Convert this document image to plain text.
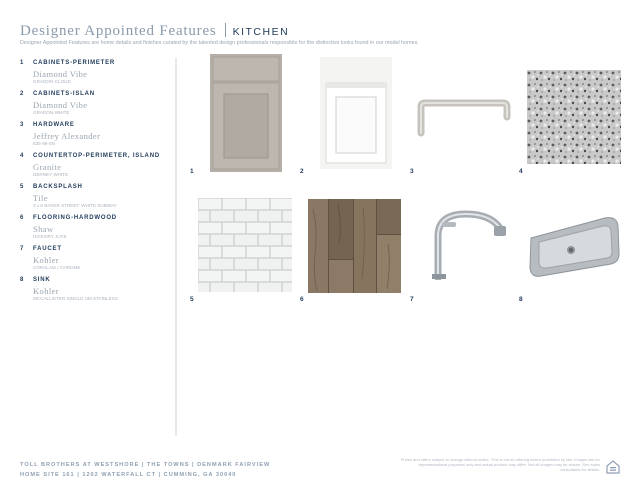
Designer Appointed Features KITCHEN
Designer Appointed Features are home details and finishes curated by the talented design professionals responsible for the distinctive looks found in our model homes.
1 CABINETS-PERIMETER
Diamond Vibe
GRADON-CLOUD
2 CABINETS-ISLAN
Diamond Vibe
GRADON-WHITE
3 HARDWARE
Jeffrey Alexander
635-96-SN
4 COUNTERTOP-PERIMETER, ISLAND
Granite
DERNEY WHITE
5 BACKSPLASH
Tile
3 x 6 BAKER STREET: WHITE SUBWAY
6 FLOORING-HARDWOOD
Shaw
HICKORY JUTE
7 FAUCET
Kohler
CORALAIS / CHROME
8 SINK
Kohler
MCCALLISTER SINGLE UM STAINLESS
1	2	3	4
5	6	7	8
TOLL BROTHERS AT WESTSHORE | THE TOWNS | DENMARK FAIRVIEW
HOME SITE 161 | 1202 WATERFALL CT | CUMMING, GA 30040
Prices and offers subject to change without notice. This is not an offering where prohibited by law. Images are for representational purposes only and actual product may differ. Not all images may be shown. See sales consultants for details.
